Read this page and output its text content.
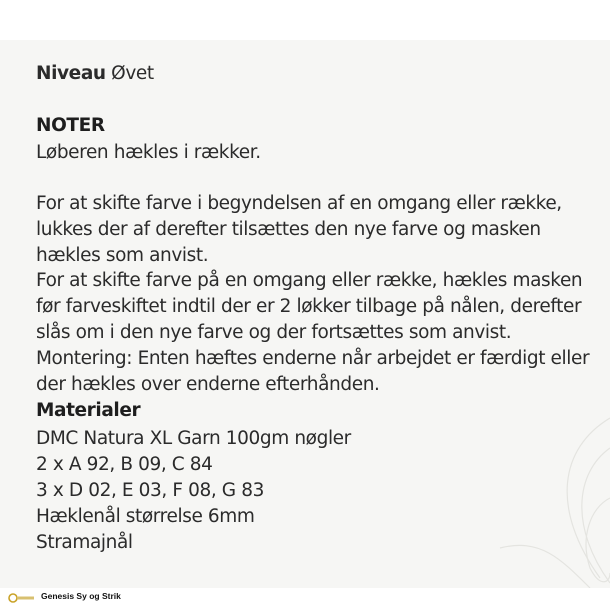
Niveau Øvet
NOTER
Løberen hækles i rækker.
For at skifte farve i begyndelsen af en omgang eller række,
lukkes der af derefter tilsættes den nye farve og masken
hækles som anvist.
For at skifte farve på en omgang eller række, hækles masken
før farveskiftet indtil der er 2 løkker tilbage på nålen, derefter
slås om i den nye farve og der fortsættes som anvist.
Montering: Enten hæftes enderne når arbejdet er færdigt eller
der hækles over enderne efterhånden.
Materialer
DMC Natura XL Garn 100gm nøgler
2 x A 92, B 09, C 84
3 x D 02, E 03, F 08, G 83
Hæklenål størrelse 6mm
Stramajnål
Genesis Sy og Strik
